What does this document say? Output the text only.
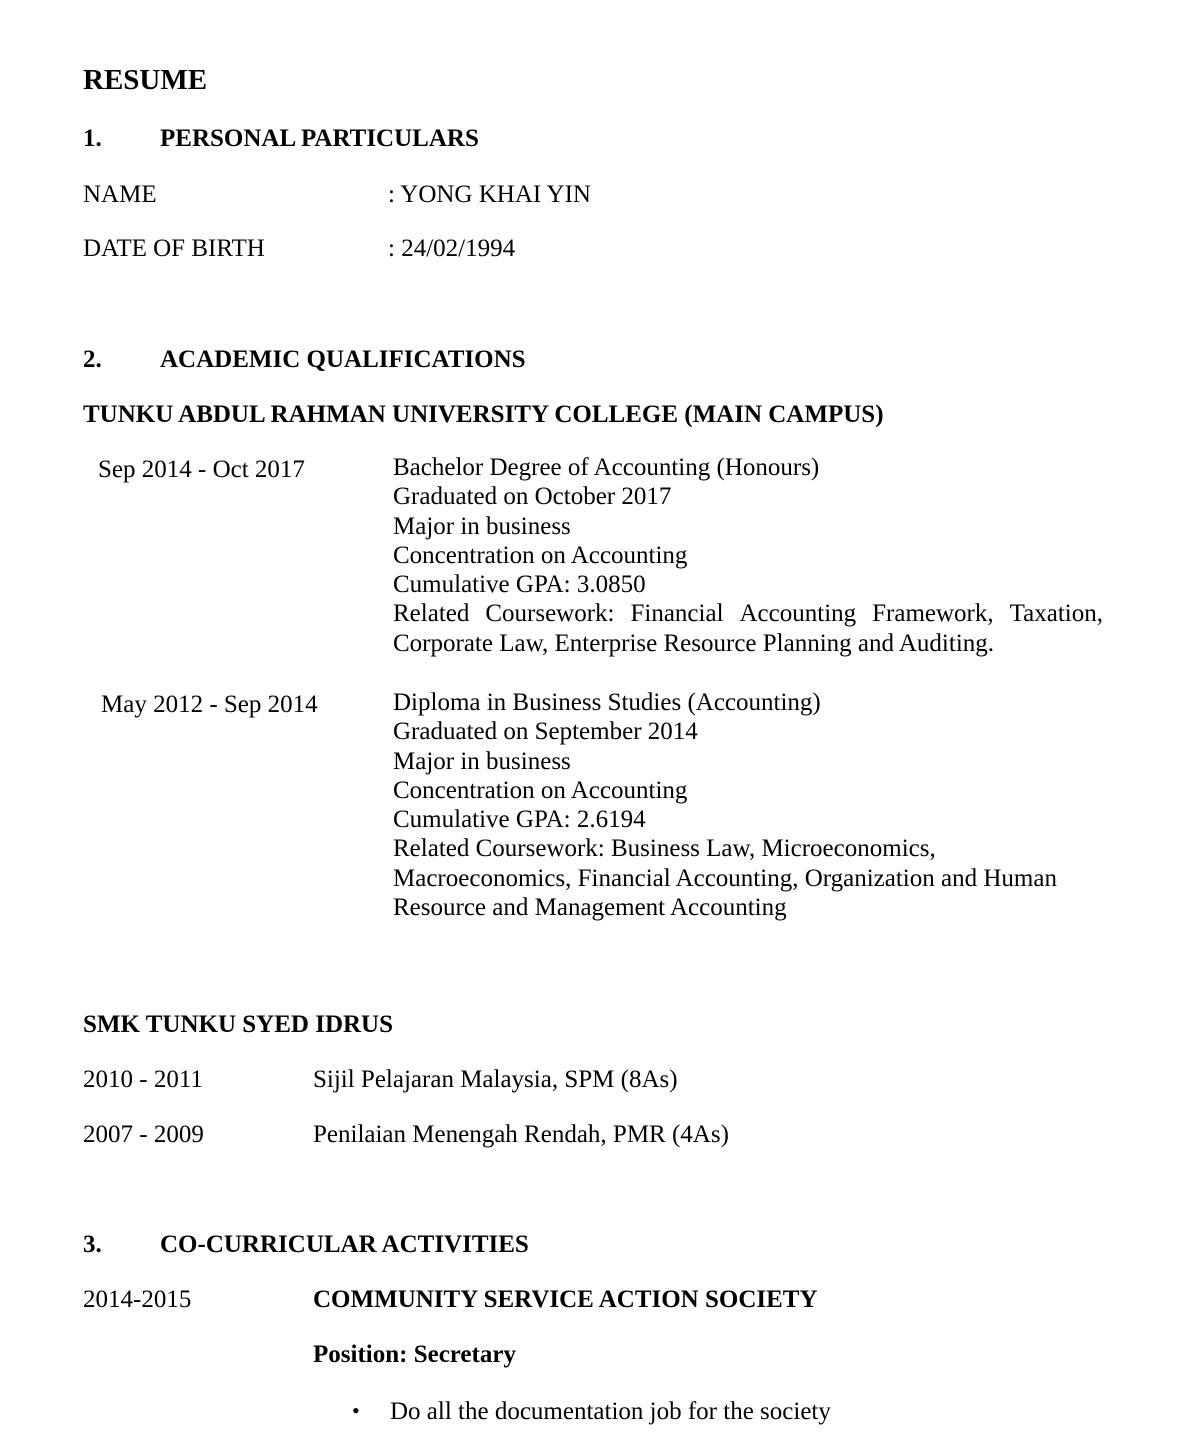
RESUME
1. PERSONAL PARTICULARS
NAME	: YONG KHAI YIN
DATE OF BIRTH	: 24/02/1994
2. ACADEMIC QUALIFICATIONS
TUNKU ABDUL RAHMAN UNIVERSITY COLLEGE (MAIN CAMPUS)
Sep 2014 - Oct 2017	Bachelor Degree of Accounting (Honours)
Graduated on October 2017
Major in business
Concentration on Accounting
Cumulative GPA: 3.0850
Related Coursework: Financial Accounting Framework, Taxation,
Corporate Law, Enterprise Resource Planning and Auditing.
May 2012 - Sep 2014	Diploma in Business Studies (Accounting)
Graduated on September 2014
Major in business
Concentration on Accounting
Cumulative GPA: 2.6194
Related Coursework: Business Law, Microeconomics,
Macroeconomics, Financial Accounting, Organization and Human
Resource and Management Accounting
SMK TUNKU SYED IDRUS
2010 - 2011	Sijil Pelajaran Malaysia, SPM (8As)
2007 - 2009	Penilaian Menengah Rendah, PMR (4As)
3. CO-CURRICULAR ACTIVITIES
2014-2015	COMMUNITY SERVICE ACTION SOCIETY
Position: Secretary
• Do all the documentation job for the society
